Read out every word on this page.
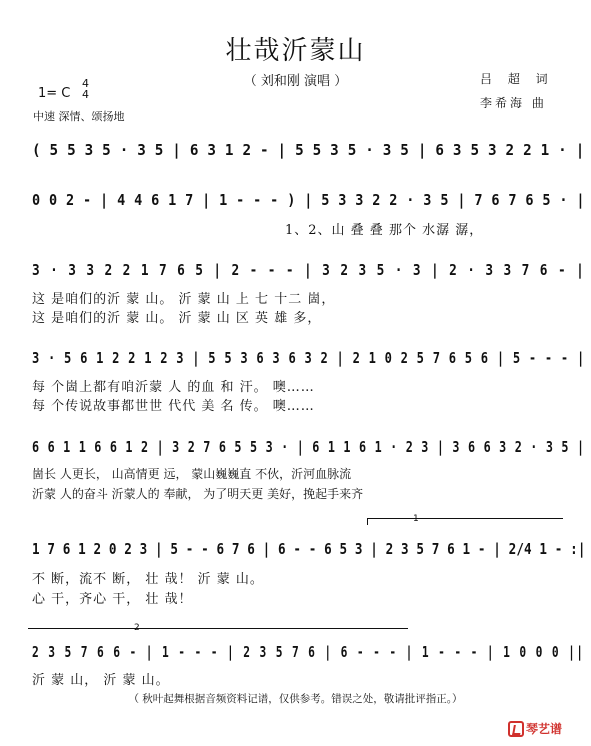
壮哉沂蒙山
（ 刘和刚 演唱 ）
1= C
4
4
中速 深情、颂扬地
吕 超 词
李希海 曲
1
2
( 5 5 3 5 · 3 5 | 6 3 1 2 - | 5 5 3 5 · 3 5 | 6 3 5 3 2 2 1 · |
0 0 2 - | 4 4 6 1 7 | 1 - - - ) | 5 3 3 2 2 · 3 5 | 7 6 7 6 5 · |
1、2、山 叠 叠 那个 水潺 潺，
3 · 3 3 2 2 1 7 6 5 | 2 - - - | 3 2 3 5 · 3 | 2 · 3 3 7 6 - |
这 是咱们的沂 蒙 山。 沂 蒙 山 上 七 十二 崮，
这 是咱们的沂 蒙 山。 沂 蒙 山 区 英 雄 多，
3 · 5 6 1 2 2 1 2 3 | 5 5 3 6 3 6 3 2 | 2 1 0 2 5 7 6 5 6 | 5 - - - |
每 个崮上都有咱沂蒙 人 的血 和 汗。 噢……
每 个传说故事都世世 代代 美 名 传。 噢……
6 6 1 1 6 6 1 2 | 3 2 7 6 5 5 3 · | 6 1 1 6 1 · 2 3 | 3 6 6 3 2 · 3 5 |
崮长 人更长， 山高情更 远， 蒙山巍巍直 不伙，沂河血脉流
沂蒙 人的奋斗 沂蒙人的 奉献， 为了明天更 美好，挽起手来齐
1 7 6 1 2 0 2 3 | 5 - - 6 7 6 | 6 - - 6 5 3 | 2 3 5 7 6 1 - | 2/4 1 - :|
不 断，流不 断， 壮 哉！ 沂 蒙 山。
心 干，齐心 干， 壮 哉！
2 3 5 7 6 6 - | 1 - - - | 2 3 5 7 6 | 6 - - - | 1 - - - | 1 0 0 0 ||
沂 蒙 山， 沂 蒙 山。
（ 秋叶起舞根据音频资料记谱，仅供参考。错误之处，敬请批评指正。）
琴艺谱
